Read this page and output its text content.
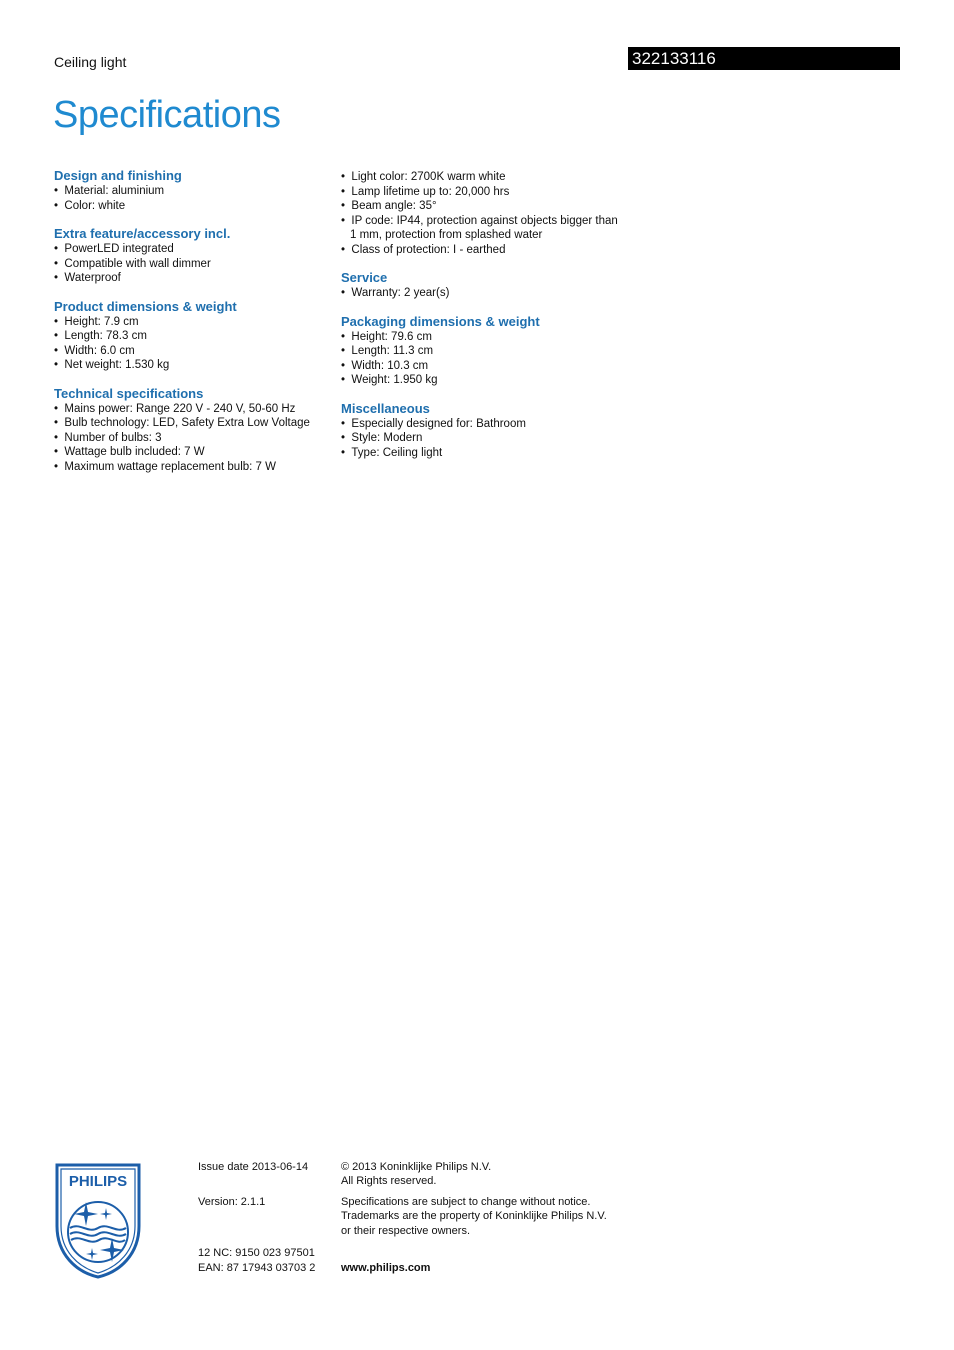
Ceiling light	322133116
Specifications
Design and finishing
•  Material: aluminium
•  Color: white
Extra feature/accessory incl.
•  PowerLED integrated
•  Compatible with wall dimmer
•  Waterproof
Product dimensions & weight
•  Height: 7.9 cm
•  Length: 78.3 cm
•  Width: 6.0 cm
•  Net weight: 1.530 kg
Technical specifications
•  Mains power: Range 220 V - 240 V, 50-60 Hz
•  Bulb technology: LED, Safety Extra Low Voltage
•  Number of bulbs: 3
•  Wattage bulb included: 7 W
•  Maximum wattage replacement bulb: 7 W
•  Light color: 2700K warm white
•  Lamp lifetime up to: 20,000 hrs
•  Beam angle: 35°
•  IP code: IP44, protection against objects bigger than 1 mm, protection from splashed water
•  Class of protection: I - earthed
Service
•  Warranty: 2 year(s)
Packaging dimensions & weight
•  Height: 79.6 cm
•  Length: 11.3 cm
•  Width: 10.3 cm
•  Weight: 1.950 kg
Miscellaneous
•  Especially designed for: Bathroom
•  Style: Modern
•  Type: Ceiling light
PHILIPS
Issue date 2013-06-14
Version: 2.1.1
12 NC: 9150 023 97501
EAN: 87 17943 03703 2
© 2013 Koninklijke Philips N.V.
All Rights reserved.
Specifications are subject to change without notice.
Trademarks are the property of Koninklijke Philips N.V.
or their respective owners.
www.philips.com
